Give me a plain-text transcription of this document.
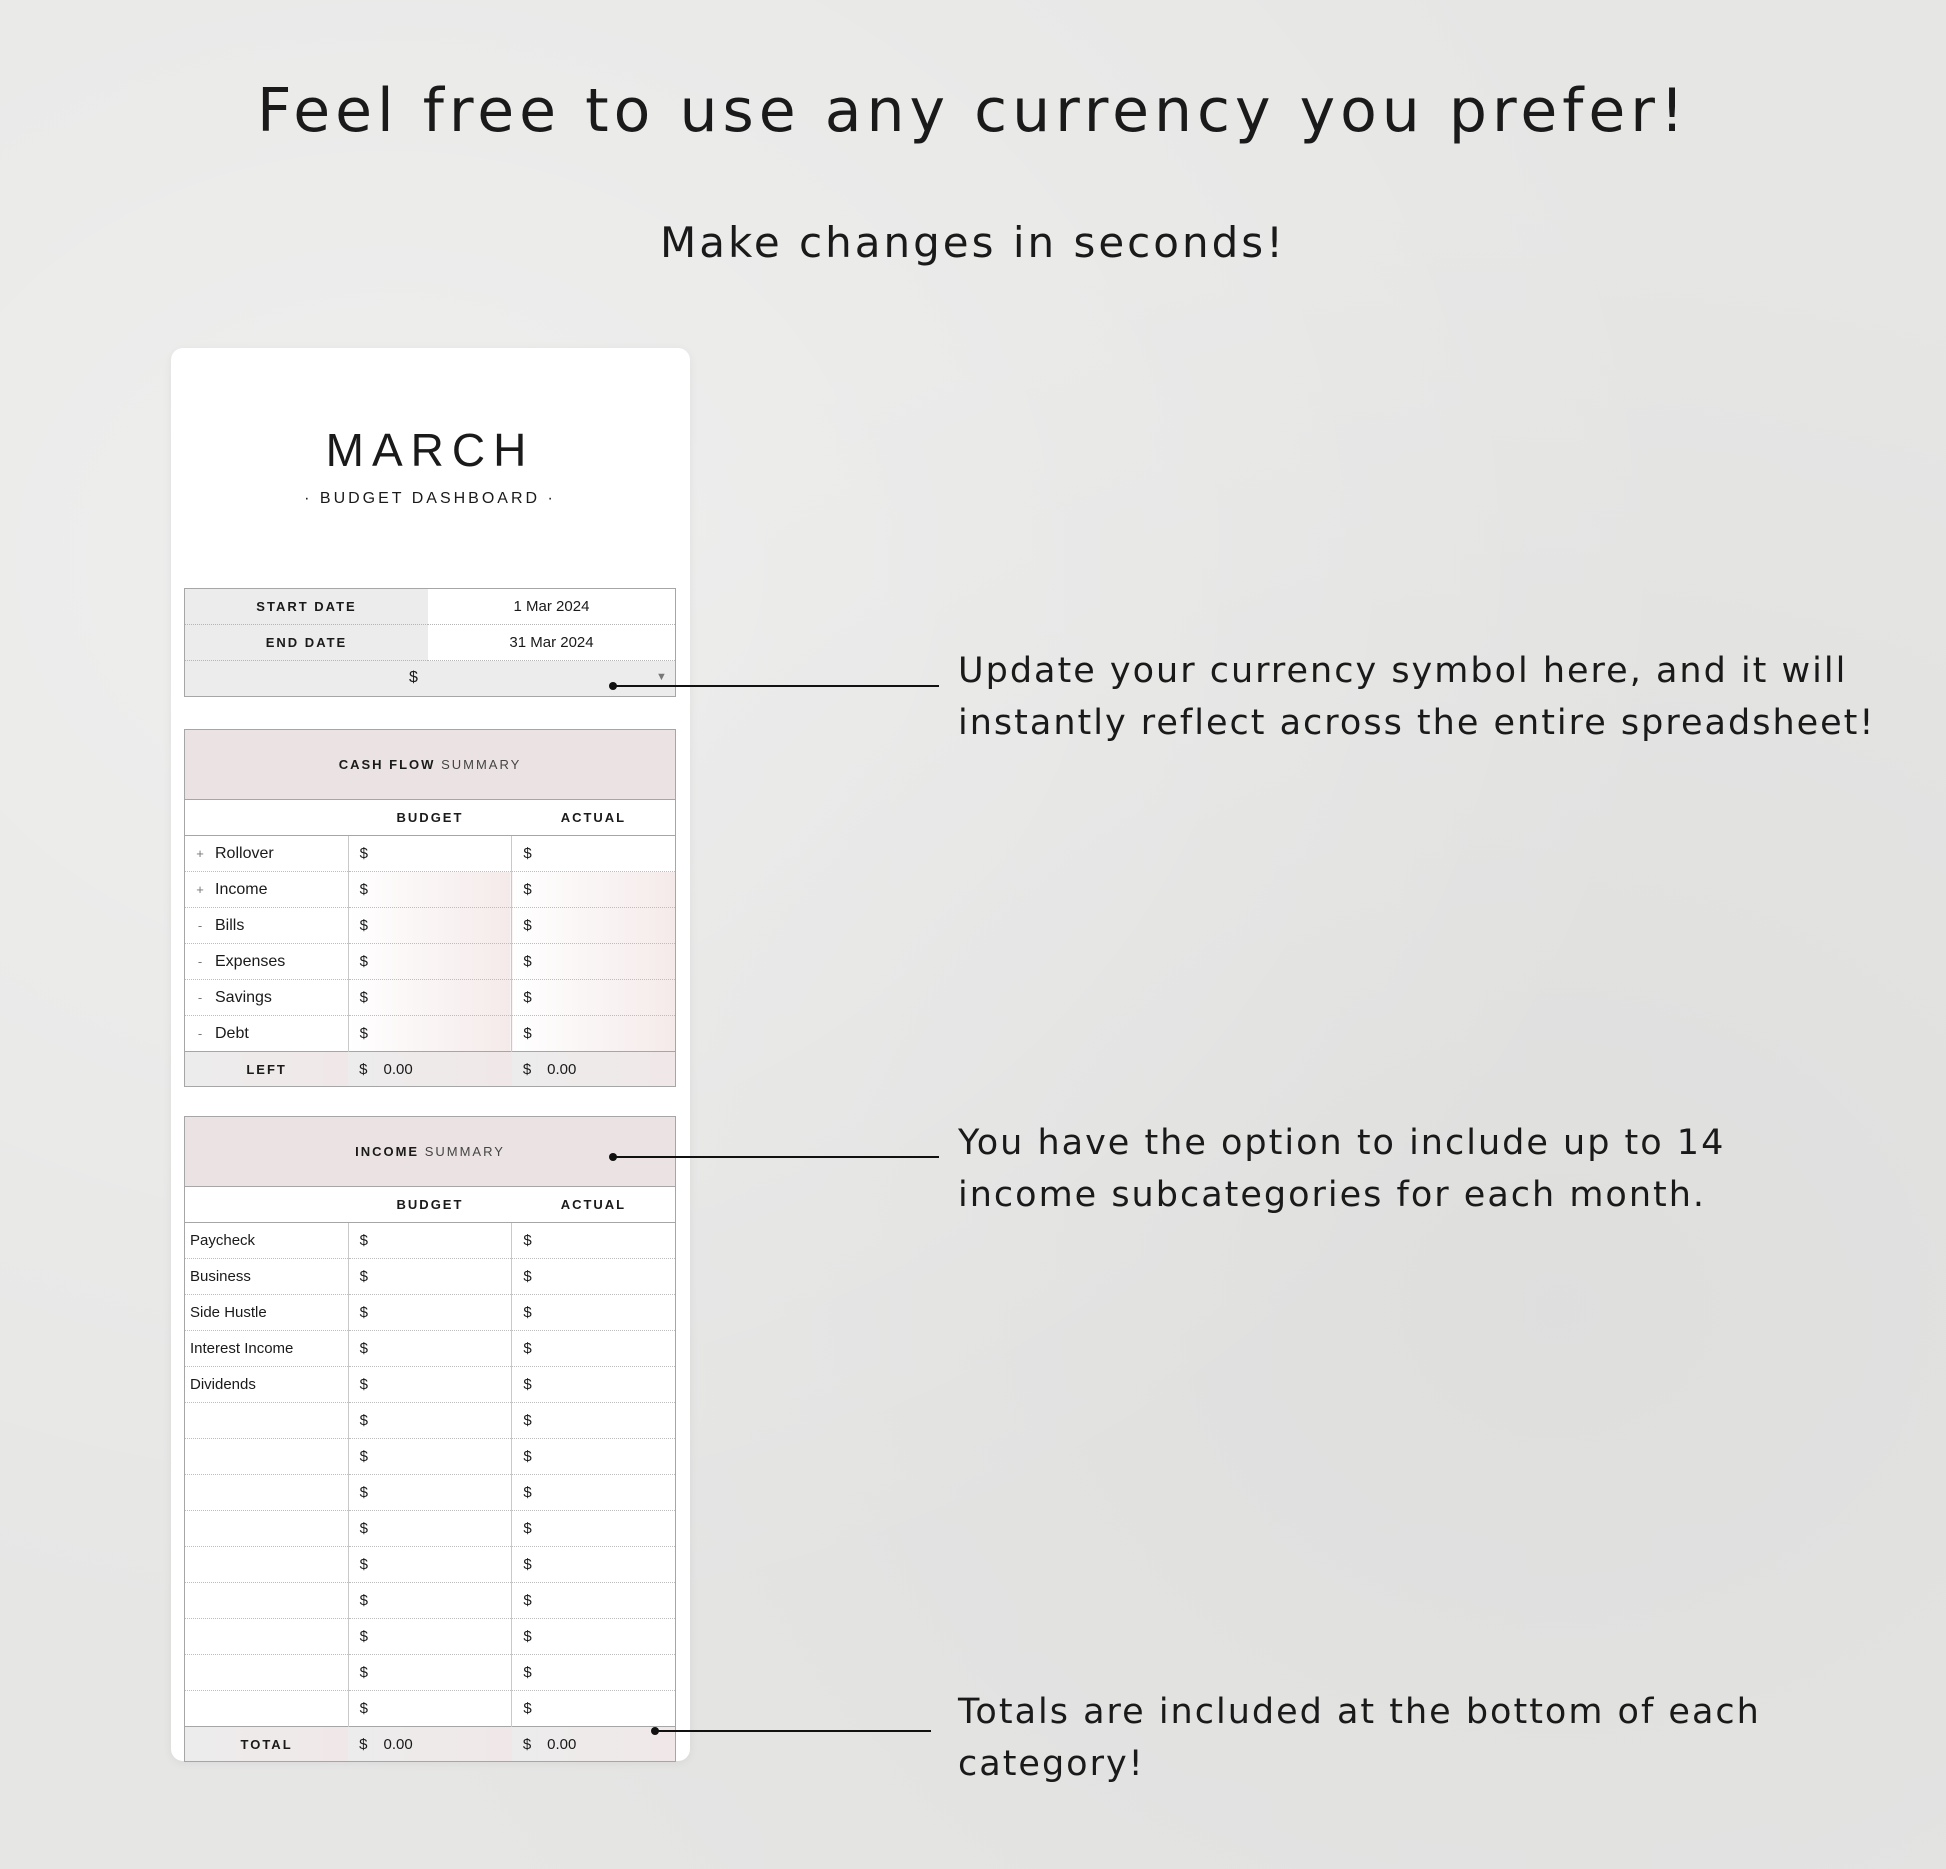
Feel free to use any currency you prefer!
Make changes in seconds!
MARCH
· BUDGET DASHBOARD ·
START DATE	1 Mar 2024
END DATE	31 Mar 2024

$ ▼	
CASH FLOW SUMMARY		
	BUDGET	ACTUAL
+ Rollover	$	$
+ Income	$	$
- Bills	$	$
- Expenses	$	$
- Savings	$	$
- Debt	$	$
LEFT	$ 0.00	$ 0.00
INCOME SUMMARY		
	BUDGET	ACTUAL
Paycheck	$	$
Business	$	$
Side Hustle	$	$
Interest Income	$	$
Dividends	$	$
	$	$
	$	$
	$	$
	$	$
	$	$
	$	$
	$	$
	$	$
	$	$
TOTAL	$ 0.00	$ 0.00
Update your currency symbol here, and it will
instantly reflect across the entire spreadsheet!
You have the option to include up to 14
income subcategories for each month.
Totals are included at the bottom of each
category!
